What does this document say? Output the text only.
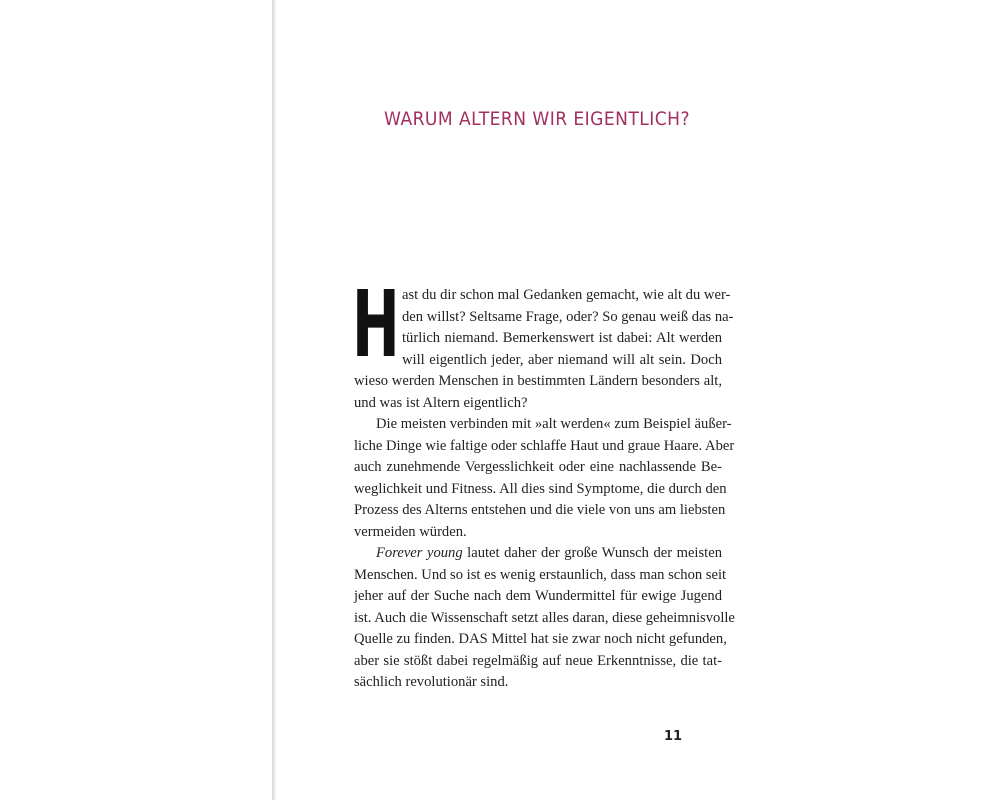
WARUM ALTERN WIR EIGENTLICH?
H ast du dir schon mal Gedanken gemacht, wie alt du wer-
den willst? Seltsame Frage, oder? So genau weiß das na-
türlich niemand. Bemerkenswert ist dabei: Alt werden
will eigentlich jeder, aber niemand will alt sein. Doch
wieso werden Menschen in bestimmten Ländern besonders alt,
und was ist Altern eigentlich?
Die meisten verbinden mit »alt werden« zum Beispiel äußer-
liche Dinge wie faltige oder schlaffe Haut und graue Haare. Aber
auch zunehmende Vergesslichkeit oder eine nachlassende Be-
weglichkeit und Fitness. All dies sind Symptome, die durch den
Prozess des Alterns entstehen und die viele von uns am liebsten
vermeiden würden.
Forever young lautet daher der große Wunsch der meisten
Menschen. Und so ist es wenig erstaunlich, dass man schon seit
jeher auf der Suche nach dem Wundermittel für ewige Jugend
ist. Auch die Wissenschaft setzt alles daran, diese geheimnisvolle
Quelle zu finden. DAS Mittel hat sie zwar noch nicht gefunden,
aber sie stößt dabei regelmäßig auf neue Erkenntnisse, die tat-
sächlich revolutionär sind.
11
